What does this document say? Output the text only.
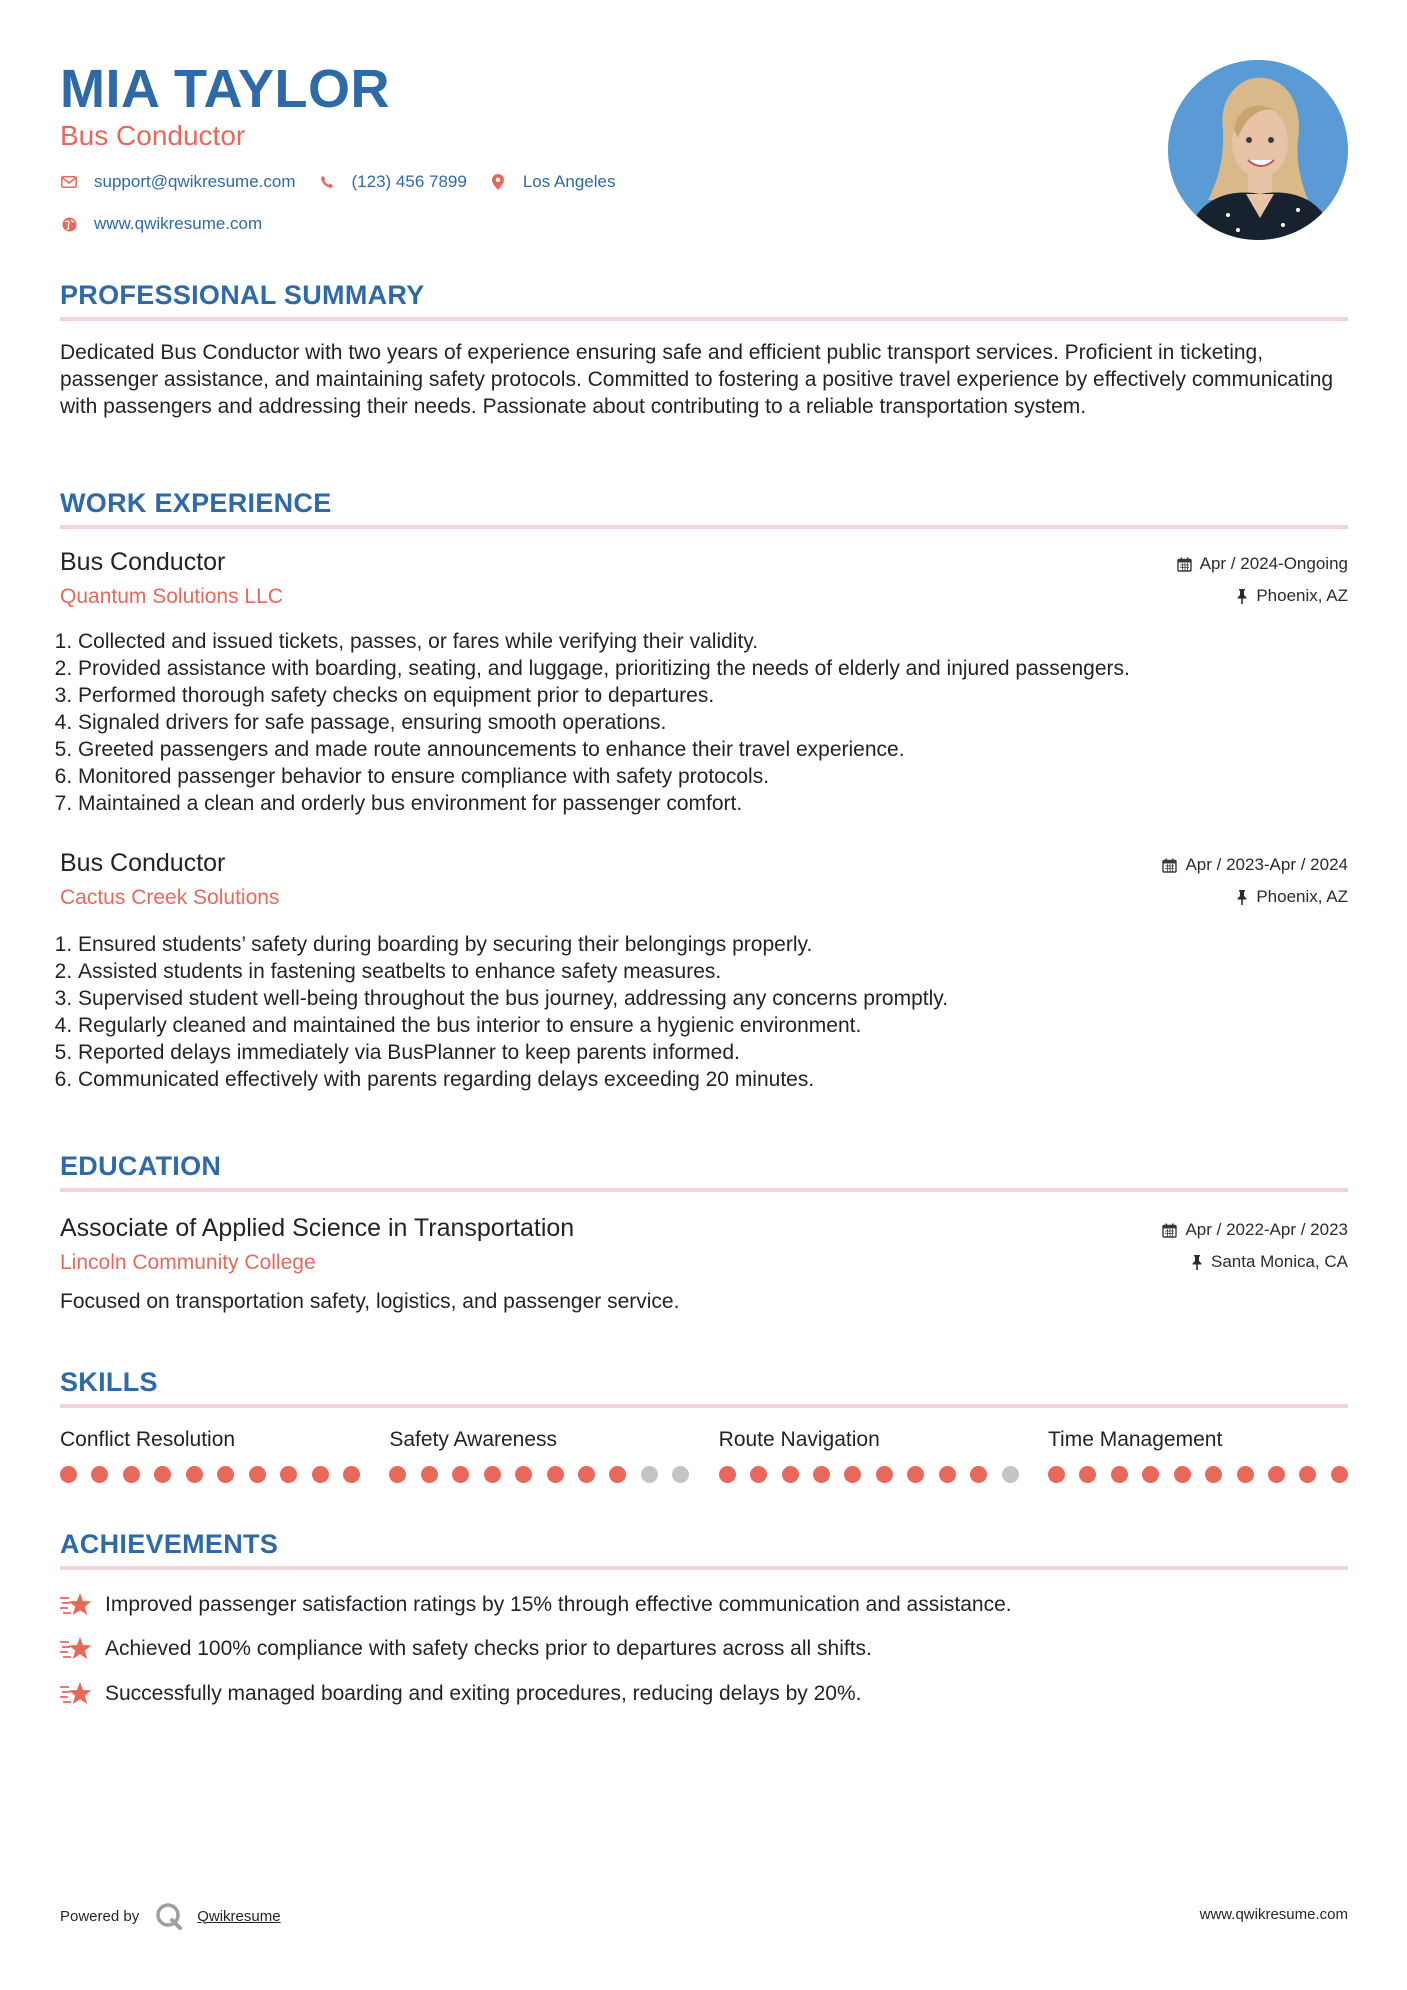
MIA TAYLOR
Bus Conductor
support@qwikresume.com	(123) 456 7899	Los Angeles
www.qwikresume.com
PROFESSIONAL SUMMARY
Dedicated Bus Conductor with two years of experience ensuring safe and efficient public transport services. Proficient in ticketing, passenger assistance, and maintaining safety protocols. Committed to fostering a positive travel experience by effectively communicating with passengers and addressing their needs. Passionate about contributing to a reliable transportation system.
WORK EXPERIENCE
Bus Conductor
Quantum Solutions LLC
Apr / 2024-Ongoing
Phoenix, AZ
1. Collected and issued tickets, passes, or fares while verifying their validity.
2. Provided assistance with boarding, seating, and luggage, prioritizing the needs of elderly and injured passengers.
3. Performed thorough safety checks on equipment prior to departures.
4. Signaled drivers for safe passage, ensuring smooth operations.
5. Greeted passengers and made route announcements to enhance their travel experience.
6. Monitored passenger behavior to ensure compliance with safety protocols.
7. Maintained a clean and orderly bus environment for passenger comfort.
Bus Conductor
Cactus Creek Solutions
Apr / 2023-Apr / 2024
Phoenix, AZ
1. Ensured students’ safety during boarding by securing their belongings properly.
2. Assisted students in fastening seatbelts to enhance safety measures.
3. Supervised student well-being throughout the bus journey, addressing any concerns promptly.
4. Regularly cleaned and maintained the bus interior to ensure a hygienic environment.
5. Reported delays immediately via BusPlanner to keep parents informed.
6. Communicated effectively with parents regarding delays exceeding 20 minutes.
EDUCATION
Associate of Applied Science in Transportation
Lincoln Community College
Apr / 2022-Apr / 2023
Santa Monica, CA
Focused on transportation safety, logistics, and passenger service.
SKILLS
Conflict Resolution	Safety Awareness	Route Navigation	Time Management
ACHIEVEMENTS
Improved passenger satisfaction ratings by 15% through effective communication and assistance.
Achieved 100% compliance with safety checks prior to departures across all shifts.
Successfully managed boarding and exiting procedures, reducing delays by 20%.
Powered by	Qwikresume	www.qwikresume.com
